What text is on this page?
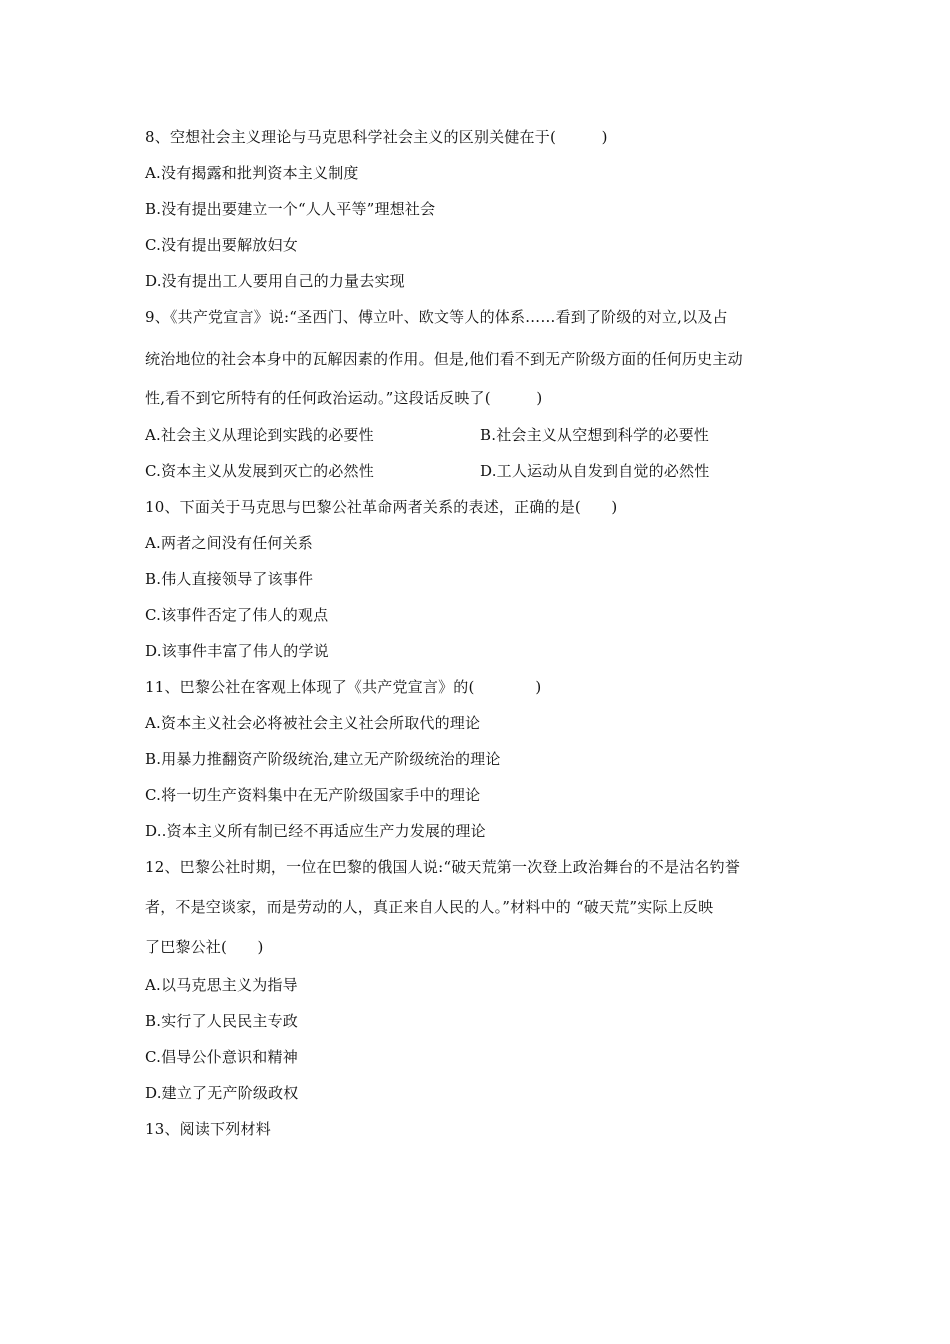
8、空想社会主义理论与马克思科学社会主义的区别关健在于(　　　)
A.没有揭露和批判资本主义制度
B.没有提出要建立一个“人人平等”理想社会
C.没有提出要解放妇女
D.没有提出工人要用自己的力量去实现
9、《共产党宣言》说:“圣西门、傅立叶、欧文等人的体系……看到了阶级的对立,以及占
统治地位的社会本身中的瓦解因素的作用。但是,他们看不到无产阶级方面的任何历史主动
性,看不到它所特有的任何政治运动。”这段话反映了(　　　)
A.社会主义从理论到实践的必要性	B.社会主义从空想到科学的必要性
C.资本主义从发展到灭亡的必然性	D.工人运动从自发到自觉的必然性
10、下面关于马克思与巴黎公社革命两者关系的表述，正确的是(　　)
A.两者之间没有任何关系
B.伟人直接领导了该事件
C.该事件否定了伟人的观点
D.该事件丰富了伟人的学说
11、巴黎公社在客观上体现了《共产党宣言》的(　　　　)
A.资本主义社会必将被社会主义社会所取代的理论
B.用暴力推翻资产阶级统治,建立无产阶级统治的理论
C.将一切生产资料集中在无产阶级国家手中的理论
D..资本主义所有制已经不再适应生产力发展的理论
12、巴黎公社时期，一位在巴黎的俄国人说:“破天荒第一次登上政治舞台的不是沽名钓誉
者，不是空谈家，而是劳动的人，真正来自人民的人。”材料中的 “破天荒”实际上反映
了巴黎公社(　　)
A.以马克思主义为指导
B.实行了人民民主专政
C.倡导公仆意识和精神
D.建立了无产阶级政权
13、阅读下列材料
